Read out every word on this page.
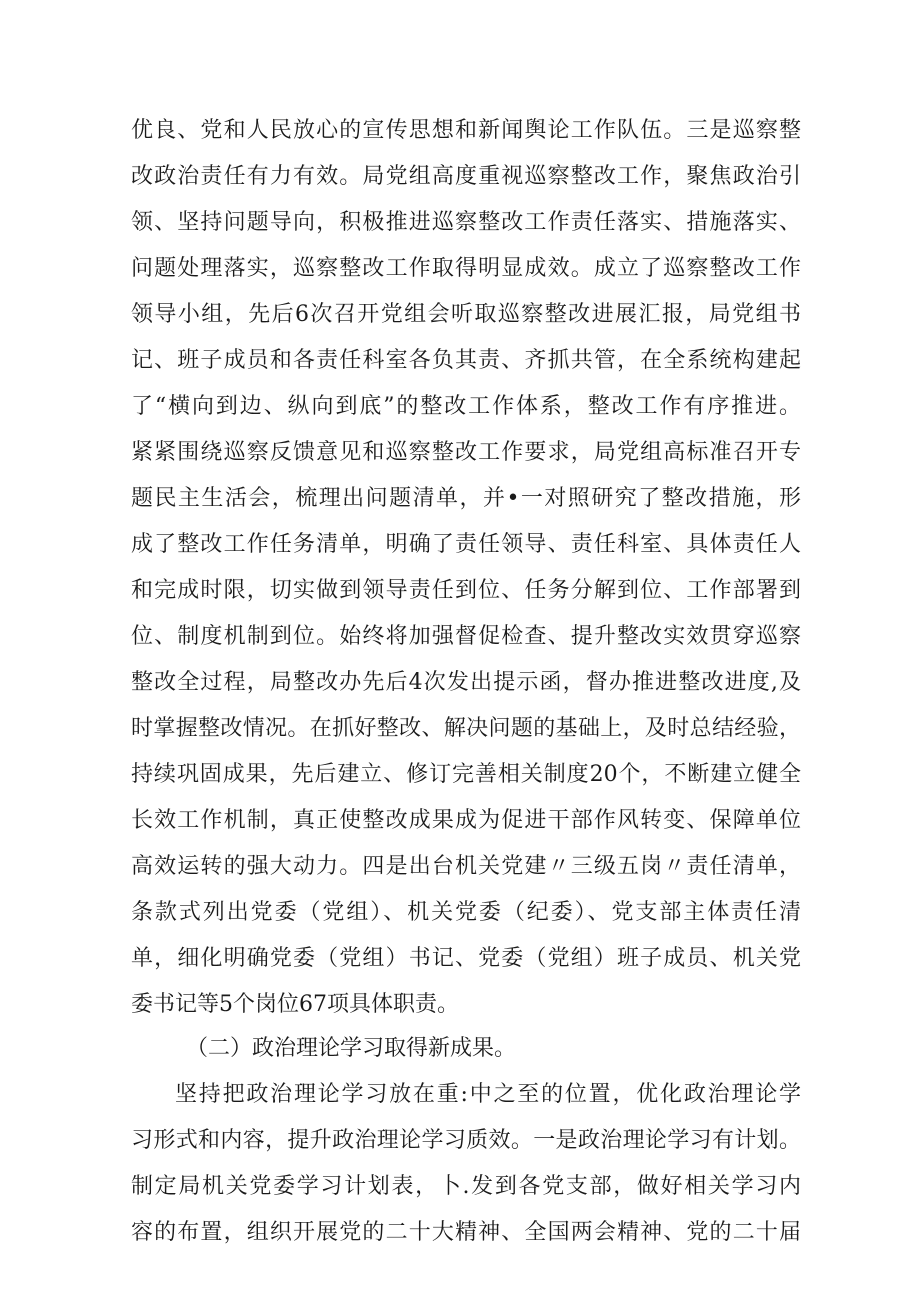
优良、党和人民放心的宣传思想和新闻舆论工作队伍。三是巡察整
改政治责任有力有效。局党组高度重视巡察整改工作，聚焦政治引
领、坚持问题导向，积极推进巡察整改工作责任落实、措施落实、
问题处理落实，巡察整改工作取得明显成效。成立了巡察整改工作
领导小组，先后6次召开党组会听取巡察整改进展汇报，局党组书
记、班子成员和各责任科室各负其责、齐抓共管，在全系统构建起
了“横向到边、纵向到底”的整改工作体系，整改工作有序推进。
紧紧围绕巡察反馈意见和巡察整改工作要求，局党组高标准召开专
题民主生活会，梳理出问题清单，并•一对照研究了整改措施，形
成了整改工作任务清单，明确了责任领导、责任科室、具体责任人
和完成时限，切实做到领导责任到位、任务分解到位、工作部署到
位、制度机制到位。始终将加强督促检查、提升整改实效贯穿巡察
整改全过程，局整改办先后4次发出提示函，督办推进整改进度,及
时掌握整改情况。在抓好整改、解决问题的基础上，及时总结经验，
持续巩固成果，先后建立、修订完善相关制度20个，不断建立健全
长效工作机制，真正使整改成果成为促进干部作风转变、保障单位
高效运转的强大动力。四是出台机关党建〃三级五岗〃责任清单，
条款式列出党委（党组）、机关党委（纪委）、党支部主体责任清
单，细化明确党委（党组）书记、党委（党组）班子成员、机关党
委书记等5个岗位67项具体职责。
（二）政治理论学习取得新成果。
坚持把政治理论学习放在重:中之至的位置，优化政治理论学
习形式和内容，提升政治理论学习质效。一是政治理论学习有计划。
制定局机关党委学习计划表，卜.发到各党支部，做好相关学习内
容的布置，组织开展党的二十大精神、全国两会精神、党的二十届
